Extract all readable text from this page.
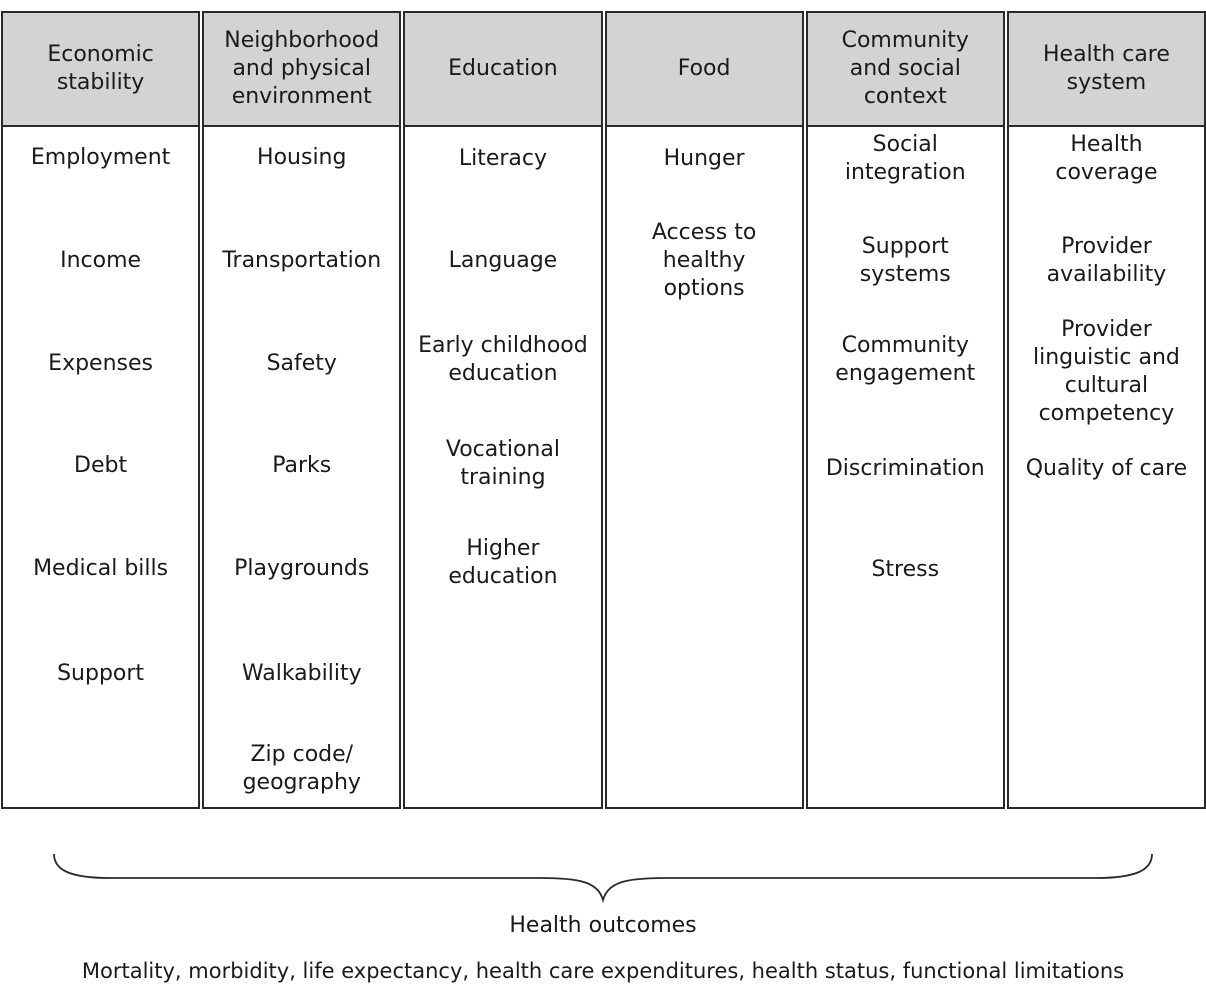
Economic
stability
Employment
Income
Expenses
Debt
Medical bills
Support
Neighborhood
and physical
environment
Housing
Transportation
Safety
Parks
Playgrounds
Walkability
Zip code/
geography
Education
Literacy
Language
Early childhood
education
Vocational
training
Higher
education
Food
Hunger
Access to
healthy
options
Community
and social
context
Social
integration
Support
systems
Community
engagement
Discrimination
Stress
Health care
system
Health
coverage
Provider
availability
Provider
linguistic and
cultural
competency
Quality of care
Health outcomes
Mortality, morbidity, life expectancy, health care expenditures, health status, functional limitations
